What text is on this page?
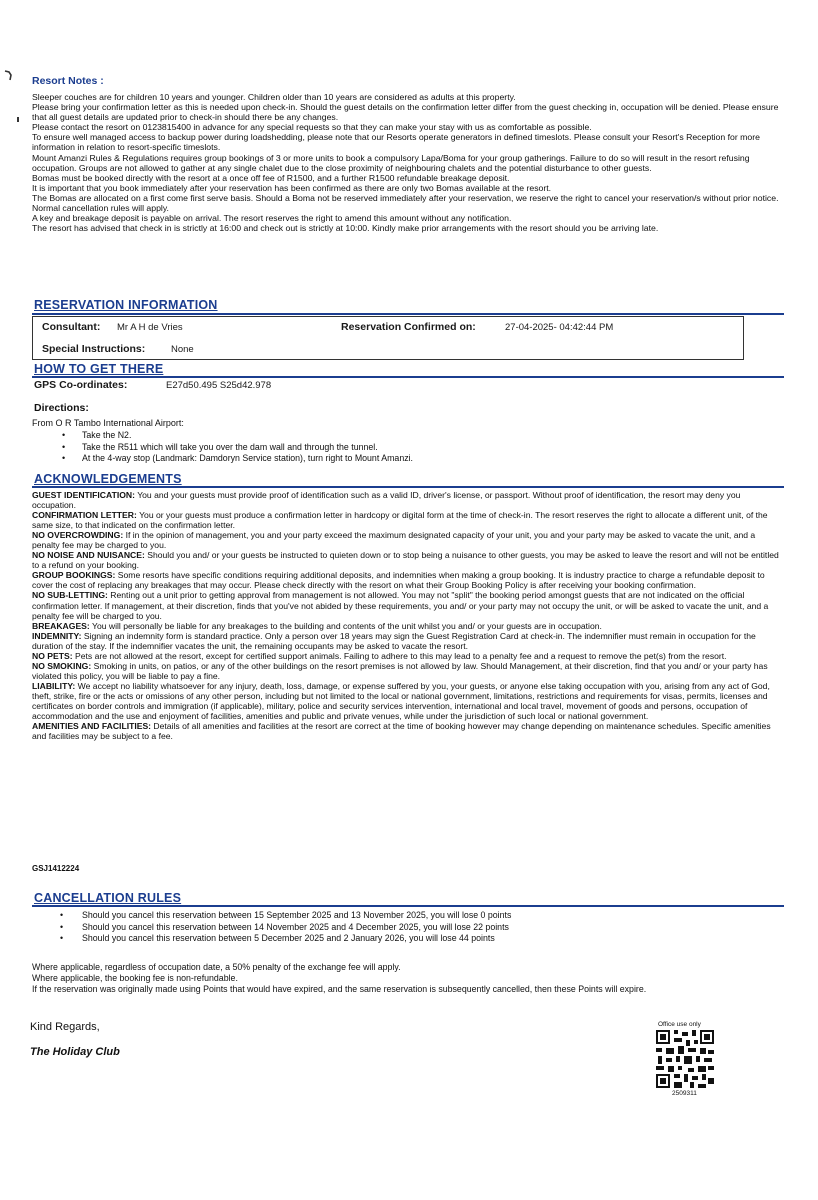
Resort Notes :

Sleeper couches are for children 10 years and younger. Children older than 10 years are considered as adults at this property.

Please bring your confirmation letter as this is needed upon check-in. Should the guest details on the confirmation letter differ from the guest checking in, occupation will be denied. Please ensure that all guest details are updated prior to check-in should there be any changes.

Please contact the resort on 0123815400 in advance for any special requests so that they can make your stay with us as comfortable as possible.

To ensure well managed access to backup power during loadshedding, please note that our Resorts operate generators in defined timeslots. Please consult your Resort's Reception for more information in relation to resort-specific timeslots.

Mount Amanzi Rules & Regulations requires group bookings of 3 or more units to book a compulsory Lapa/Boma for your group gatherings. Failure to do so will result in the resort refusing occupation. Groups are not allowed to gather at any single chalet due to the close proximity of neighbouring chalets and the potential disturbance to other guests.

Bomas must be booked directly with the resort at a once off fee of R1500, and a further R1500 refundable breakage deposit.

It is important that you book immediately after your reservation has been confirmed as there are only two Bomas available at the resort.

The Bomas are allocated on a first come first serve basis. Should a Boma not be reserved immediately after your reservation, we reserve the right to cancel your reservation/s without prior notice. Normal cancellation rules will apply.

A key and breakage deposit is payable on arrival. The resort reserves the right to amend this amount without any notification.

The resort has advised that check in is strictly at 16:00 and check out is strictly at 10:00. Kindly make prior arrangements with the resort should you be arriving late.

RESERVATION INFORMATION
Consultant: Mr A H de Vries	Reservation Confirmed on:	27-04-2025- 04:42:44 PM
Special Instructions:	None
HOW TO GET THERE
GPS Co-ordinates:	E27d50.495 S25d42.978
Directions:
From O R Tambo International Airport:
• Take the N2.
• Take the R511 which will take you over the dam wall and through the tunnel.
• At the 4-way stop (Landmark: Damdoryn Service station), turn right to Mount Amanzi.
ACKNOWLEDGEMENTS

GUEST IDENTIFICATION: You and your guests must provide proof of identification such as a valid ID, driver's license, or passport. Without proof of identification, the resort may deny you occupation.

CONFIRMATION LETTER: You or your guests must produce a confirmation letter in hardcopy or digital form at the time of check-in. The resort reserves the right to allocate a different unit, of the same size, to that indicated on the confirmation letter.

NO OVERCROWDING: If in the opinion of management, you and your party exceed the maximum designated capacity of your unit, you and your party may be asked to vacate the unit, and a penalty fee may be charged to you.

NO NOISE AND NUISANCE: Should you and/ or your guests be instructed to quieten down or to stop being a nuisance to other guests, you may be asked to leave the resort and will not be entitled to a refund on your booking.

GROUP BOOKINGS: Some resorts have specific conditions requiring additional deposits, and indemnities when making a group booking. It is industry practice to charge a refundable deposit to cover the cost of replacing any breakages that may occur. Please check directly with the resort on what their Group Booking Policy is after receiving your booking confirmation.

NO SUB-LETTING: Renting out a unit prior to getting approval from management is not allowed. You may not "split" the booking period amongst guests that are not indicated on the official confirmation letter. If management, at their discretion, finds that you've not abided by these requirements, you and/ or your party may not occupy the unit, or will be asked to vacate the unit, and a penalty fee will be charged to you.

BREAKAGES: You will personally be liable for any breakages to the building and contents of the unit whilst you and/ or your guests are in occupation.

INDEMNITY: Signing an indemnity form is standard practice. Only a person over 18 years may sign the Guest Registration Card at check-in. The indemnifier must remain in occupation for the duration of the stay. If the indemnifier vacates the unit, the remaining occupants may be asked to vacate the resort.

NO PETS: Pets are not allowed at the resort, except for certified support animals. Failing to adhere to this may lead to a penalty fee and a request to remove the pet(s) from the resort.

NO SMOKING: Smoking in units, on patios, or any of the other buildings on the resort premises is not allowed by law. Should Management, at their discretion, find that you and/ or your party has violated this policy, you will be liable to pay a fine.

LIABILITY: We accept no liability whatsoever for any injury, death, loss, damage, or expense suffered by you, your guests, or anyone else taking occupation with you, arising from any act of God, theft, strike, fire or the acts or omissions of any other person, including but not limited to the local or national government, limitations, restrictions and requirements for visas, permits, licenses and certificates on border controls and immigration (if applicable), military, police and security services intervention, international and local travel, movement of goods and persons, occupation of accommodation and the use and enjoyment of facilities, amenities and public and private venues, while under the jurisdiction of such local or national government.

AMENITIES AND FACILITIES: Details of all amenities and facilities at the resort are correct at the time of booking however may change depending on maintenance schedules. Specific amenities and facilities may be subject to a fee.

GSJ1412224
CANCELLATION RULES
• Should you cancel this reservation between 15 September 2025 and 13 November 2025, you will lose 0 points
• Should you cancel this reservation between 14 November 2025 and 4 December 2025, you will lose 22 points
• Should you cancel this reservation between 5 December 2025 and 2 January 2026, you will lose 44 points

Where applicable, regardless of occupation date, a 50% penalty of the exchange fee will apply.

Where applicable, the booking fee is non-refundable.

If the reservation was originally made using Points that would have expired, and the same reservation is subsequently cancelled, then these Points will expire.

Kind Regards,
The Holiday Club
Office use only
2509311
